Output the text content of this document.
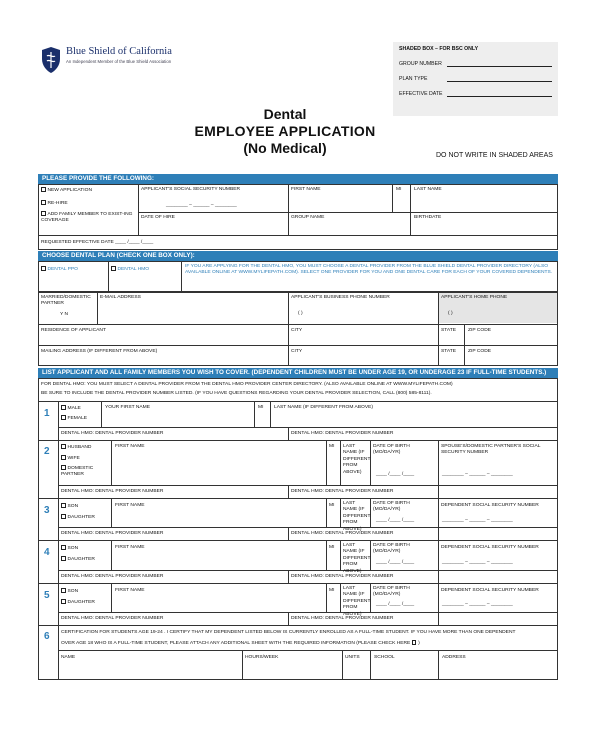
Blue Shield of California
An Independent Member of the Blue Shield Association
SHADED BOX – FOR BSC ONLY
GROUP NUMBER
PLAN TYPE
EFFECTIVE DATE
Dental
EMPLOYEE APPLICATION
(No Medical)	DO NOT WRITE IN SHADED AREAS
PLEASE PROVIDE THE FOLLOWING:
NEW APPLICATION
RE-HIRE
ADD FAMILY MEMBER TO EXIST-ING COVERAGE
APPLICANT'S SOCIAL SECURITY NUMBER
________ – ______ – ________
FIRST NAME	MI	LAST NAME
DATE OF HIRE	GROUP NAME	BIRTHDATE
REQUESTED EFFECTIVE DATE ____ /____ /____
CHOOSE DENTAL PLAN (CHECK ONE BOX ONLY):
DENTAL PPO	DENTAL HMO
IF YOU ARE APPLYING FOR THE DENTAL HMO, YOU MUST CHOOSE A DENTAL PROVIDER FROM THE BLUE SHIELD DENTAL PROVIDER DIRECTORY (ALSO AVAILABLE ONLINE AT WWW.MYLIFEPATH.COM). SELECT ONE PROVIDER FOR YOU AND ONE DENTAL CARE FOR EACH OF YOUR COVERED DEPENDENTS.
MARRIED/DOMESTIC PARTNER
Y N
E-MAIL ADDRESS	APPLICANT'S BUSINESS PHONE NUMBER
( )
APPLICANT'S HOME PHONE
( )
RESIDENCE OF APPLICANT	CITY	STATE ZIP CODE
MAILING ADDRESS (IF DIFFERENT FROM ABOVE)	CITY	STATE ZIP CODE
LIST APPLICANT AND ALL FAMILY MEMBERS YOU WISH TO COVER. (DEPENDENT CHILDREN MUST BE UNDER AGE 19, OR UNDERAGE 23 IF FULL-TIME STUDENTS.)
FOR DENTAL HMO: YOU MUST SELECT A DENTAL PROVIDER FROM THE DENTAL HMO PROVIDER CENTER DIRECTORY. (ALSO AVAILABLE ONLINE AT WWW.MYLIFEPATH.COM)
BE SURE TO INCLUDE THE DENTAL PROVIDER NUMBER LISTED. (IF YOU HAVE QUESTIONS REGARDING YOUR DENTAL PROVIDER SELECTION, CALL (800) 585-8111).
1	MALE
FEMALE
YOUR FIRST NAME	MI LAST NAME (IF DIFFERENT FROM ABOVE)
DENTAL HMO: DENTAL PROVIDER NUMBER	DENTAL HMO: DENTAL PROVIDER NUMBER
2	HUSBAND
WIFE
DOMESTIC PARTNER
FIRST NAME	MI LAST NAME (IF DIFFERENT FROM ABOVE)
DATE OF BIRTH (MO/DA/YR)
____ /____ /____
SPOUSE'S/DOMESTIC PARTNER'S SOCIAL SECURITY NUMBER
________ – ______ – ________
DENTAL HMO: DENTAL PROVIDER NUMBER	DENTAL HMO: DENTAL PROVIDER NUMBER
3	SON
DAUGHTER
FIRST NAME	MI LAST NAME (IF DIFFERENT FROM ABOVE)
DATE OF BIRTH (MO/DA/YR)
____ /____ /____
DEPENDENT SOCIAL SECURITY NUMBER
________ – ______ – ________
DENTAL HMO: DENTAL PROVIDER NUMBER	DENTAL HMO: DENTAL PROVIDER NUMBER
4	SON
DAUGHTER
FIRST NAME	MI LAST NAME (IF DIFFERENT FROM ABOVE)
DATE OF BIRTH (MO/DA/YR)
____ /____ /____
DEPENDENT SOCIAL SECURITY NUMBER
________ – ______ – ________
DENTAL HMO: DENTAL PROVIDER NUMBER	DENTAL HMO: DENTAL PROVIDER NUMBER
5	SON
DAUGHTER
FIRST NAME	MI LAST NAME (IF DIFFERENT FROM ABOVE)
DATE OF BIRTH (MO/DA/YR)
____ /____ /____
DEPENDENT SOCIAL SECURITY NUMBER
________ – ______ – ________
DENTAL HMO: DENTAL PROVIDER NUMBER	DENTAL HMO: DENTAL PROVIDER NUMBER
6 CERTIFICATION FOR STUDENTS AGE 19-24 . I CERTIFY THAT MY DEPENDENT LISTED BELOW IS CURRENTLY ENROLLED AS A FULL-TIME STUDENT. IF YOU HAVE MORE THAN ONE DEPENDENT
OVER AGE 18 WHO IS A FULL-TIME STUDENT, PLEASE ATTACH ANY ADDITIONAL SHEET WITH THE REQUIRED INFORMATION (PLEASE CHECK HERE )
NAME	HOURS/WEEK	UNITS	SCHOOL	ADDRESS
